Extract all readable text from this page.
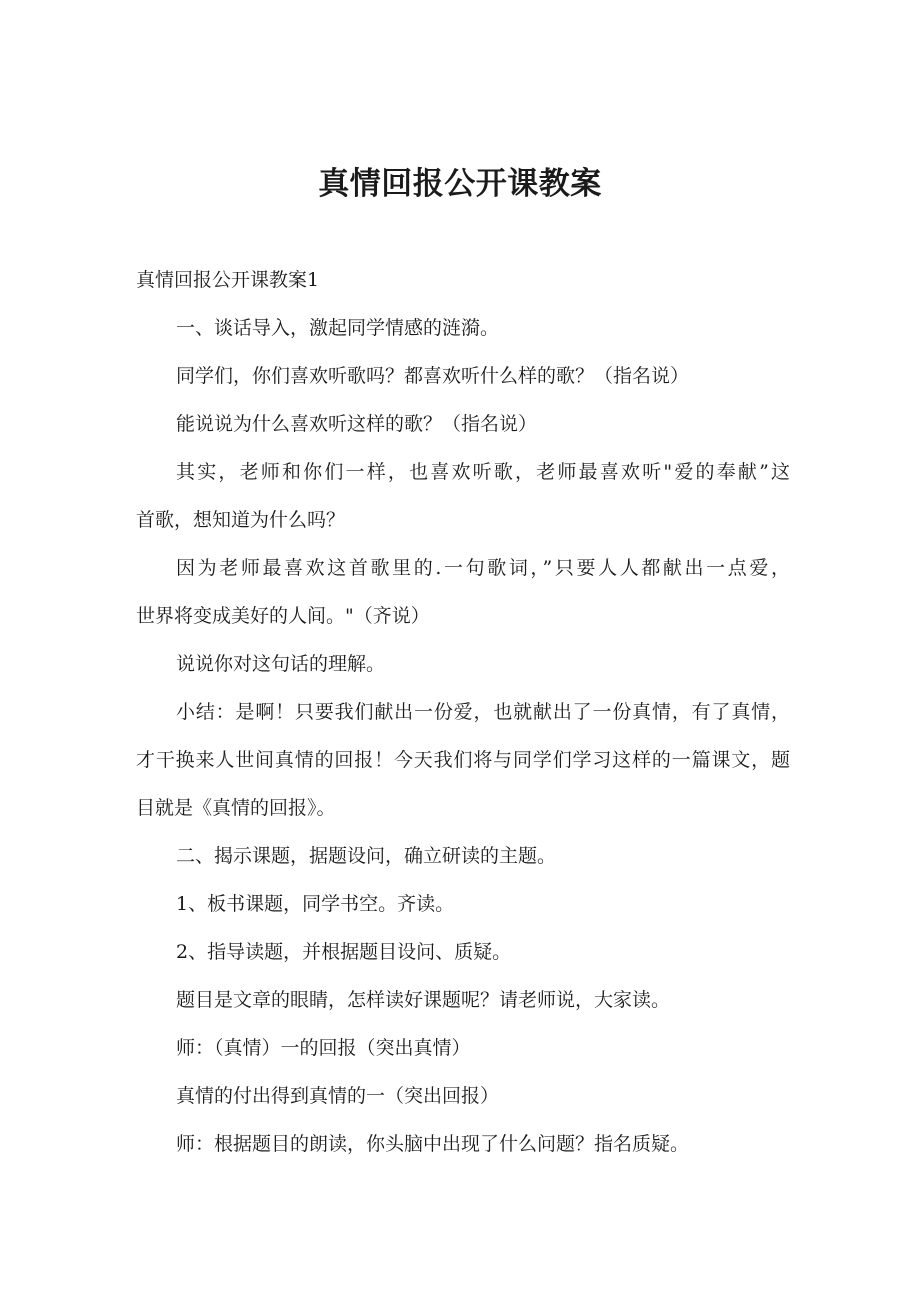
真情回报公开课教案
真情回报公开课教案1
一、谈话导入，激起同学情感的涟漪。
同学们，你们喜欢听歌吗？都喜欢听什么样的歌？（指名说）
能说说为什么喜欢听这样的歌？（指名说）
其实，老师和你们一样，也喜欢听歌，老师最喜欢听"爱的奉献”这
首歌，想知道为什么吗？
因为老师最喜欢这首歌里的.一句歌词，”只要人人都献出一点爱，
世界将变成美好的人间。"（齐说）
说说你对这句话的理解。
小结：是啊！只要我们献出一份爱，也就献出了一份真情，有了真情，
才干换来人世间真情的回报！今天我们将与同学们学习这样的一篇课文，题
目就是《真情的回报》。
二、揭示课题，据题设问，确立研读的主题。
1、板书课题，同学书空。齐读。
2、指导读题，并根据题目设问、质疑。
题目是文章的眼睛，怎样读好课题呢？请老师说，大家读。
师：（真情）一的回报（突出真情）
真情的付出得到真情的一（突出回报）
师：根据题目的朗读，你头脑中出现了什么问题？指名质疑。
